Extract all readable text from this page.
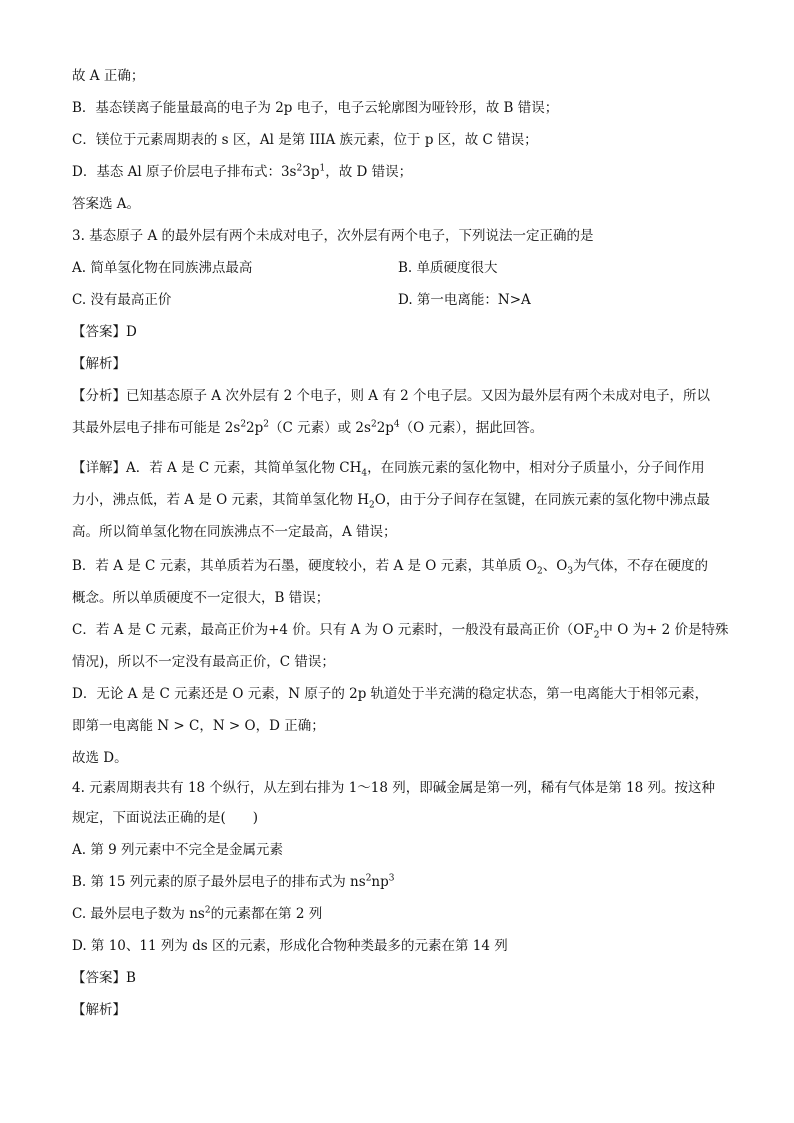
故 A 正确；
B．基态镁离子能量最高的电子为 2p 电子，电子云轮廓图为哑铃形，故 B 错误；
C．镁位于元素周期表的 s 区，Al 是第 IIIA 族元素，位于 p 区，故 C 错误；
D．基态 Al 原子价层电子排布式：$3s^23p^1$，故 D 错误；
答案选 A。
3. 基态原子 A 的最外层有两个未成对电子，次外层有两个电子，下列说法一定正确的是
A. 简单氢化物在同族沸点最高	B. 单质硬度很大
C. 没有最高正价	D. 第一电离能：N>A
【答案】D
【解析】
【分析】已知基态原子 A 次外层有 2 个电子，则 A 有 2 个电子层。又因为最外层有两个未成对电子，所以
其最外层电子排布可能是 $2s^22p^2(C$ 元素）或 $2s^22p^4(O$ 元素），据此回答。
【详解】A．若 A 是 C 元素，其简单氢化物 $CH_4$，在同族元素的氢化物中，相对分子质量小，分子间作用
力小，沸点低，若 A 是 O 元素，其简单氢化物 $H_2O$，由于分子间存在氢键，在同族元素的氢化物中沸点最
高。所以简单氢化物在同族沸点不一定最高，A 错误；
B．若 A 是 C 元素，其单质若为石墨，硬度较小，若 A 是 O 元素，其单质 $O_2$、$O_3$为气体，不存在硬度的
概念。所以单质硬度不一定很大，B 错误；
C．若 A 是 C 元素，最高正价为+4 价。只有 A 为 O 元素时，一般没有最高正价（$OF_2$中 O 为+ 2 价是特殊
情况)，所以不一定没有最高正价，C 错误；
D．无论 A 是 C 元素还是 O 元素，N 原子的 2p 轨道处于半充满的稳定状态，第一电离能大于相邻元素，
即第一电离能 N > C，N > O，D 正确；
故选 D。
4. 元素周期表共有 18 个纵行，从左到右排为 1～18 列，即碱金属是第一列，稀有气体是第 18 列。按这种
规定，下面说法正确的是(　　)
A. 第 9 列元素中不完全是金属元素
B. 第 15 列元素的原子最外层电子的排布式为 $ns^2np^3$
C. 最外层电子数为 $ns^2$的元素都在第 2 列
D. 第 10、11 列为 ds 区的元素，形成化合物种类最多的元素在第 14 列
【答案】B
【解析】
